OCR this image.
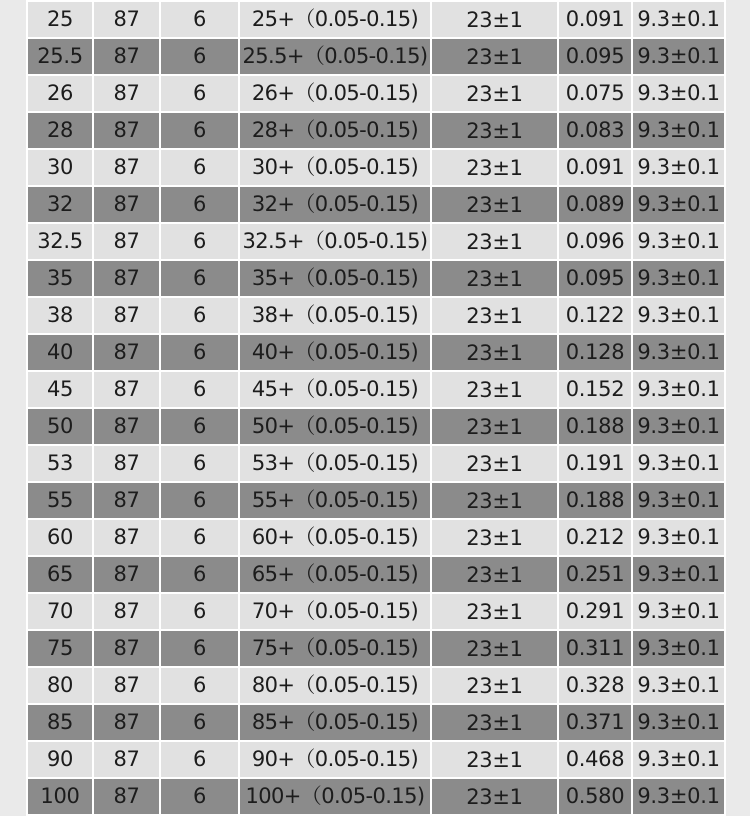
25	87	6	25+（0.05-0.15)	23±1	0.091	9.3±0.1
25.5	87	6	25.5+（0.05-0.15)	23±1	0.095	9.3±0.1
26	87	6	26+（0.05-0.15)	23±1	0.075	9.3±0.1
28	87	6	28+（0.05-0.15)	23±1	0.083	9.3±0.1
30	87	6	30+（0.05-0.15)	23±1	0.091	9.3±0.1
32	87	6	32+（0.05-0.15)	23±1	0.089	9.3±0.1
32.5	87	6	32.5+（0.05-0.15)	23±1	0.096	9.3±0.1
35	87	6	35+（0.05-0.15)	23±1	0.095	9.3±0.1
38	87	6	38+（0.05-0.15)	23±1	0.122	9.3±0.1
40	87	6	40+（0.05-0.15)	23±1	0.128	9.3±0.1
45	87	6	45+（0.05-0.15)	23±1	0.152	9.3±0.1
50	87	6	50+（0.05-0.15)	23±1	0.188	9.3±0.1
53	87	6	53+（0.05-0.15)	23±1	0.191	9.3±0.1
55	87	6	55+（0.05-0.15)	23±1	0.188	9.3±0.1
60	87	6	60+（0.05-0.15)	23±1	0.212	9.3±0.1
65	87	6	65+（0.05-0.15)	23±1	0.251	9.3±0.1
70	87	6	70+（0.05-0.15)	23±1	0.291	9.3±0.1
75	87	6	75+（0.05-0.15)	23±1	0.311	9.3±0.1
80	87	6	80+（0.05-0.15)	23±1	0.328	9.3±0.1
85	87	6	85+（0.05-0.15)	23±1	0.371	9.3±0.1
90	87	6	90+（0.05-0.15)	23±1	0.468	9.3±0.1
100	87	6	100+（0.05-0.15)	23±1	0.580	9.3±0.1
